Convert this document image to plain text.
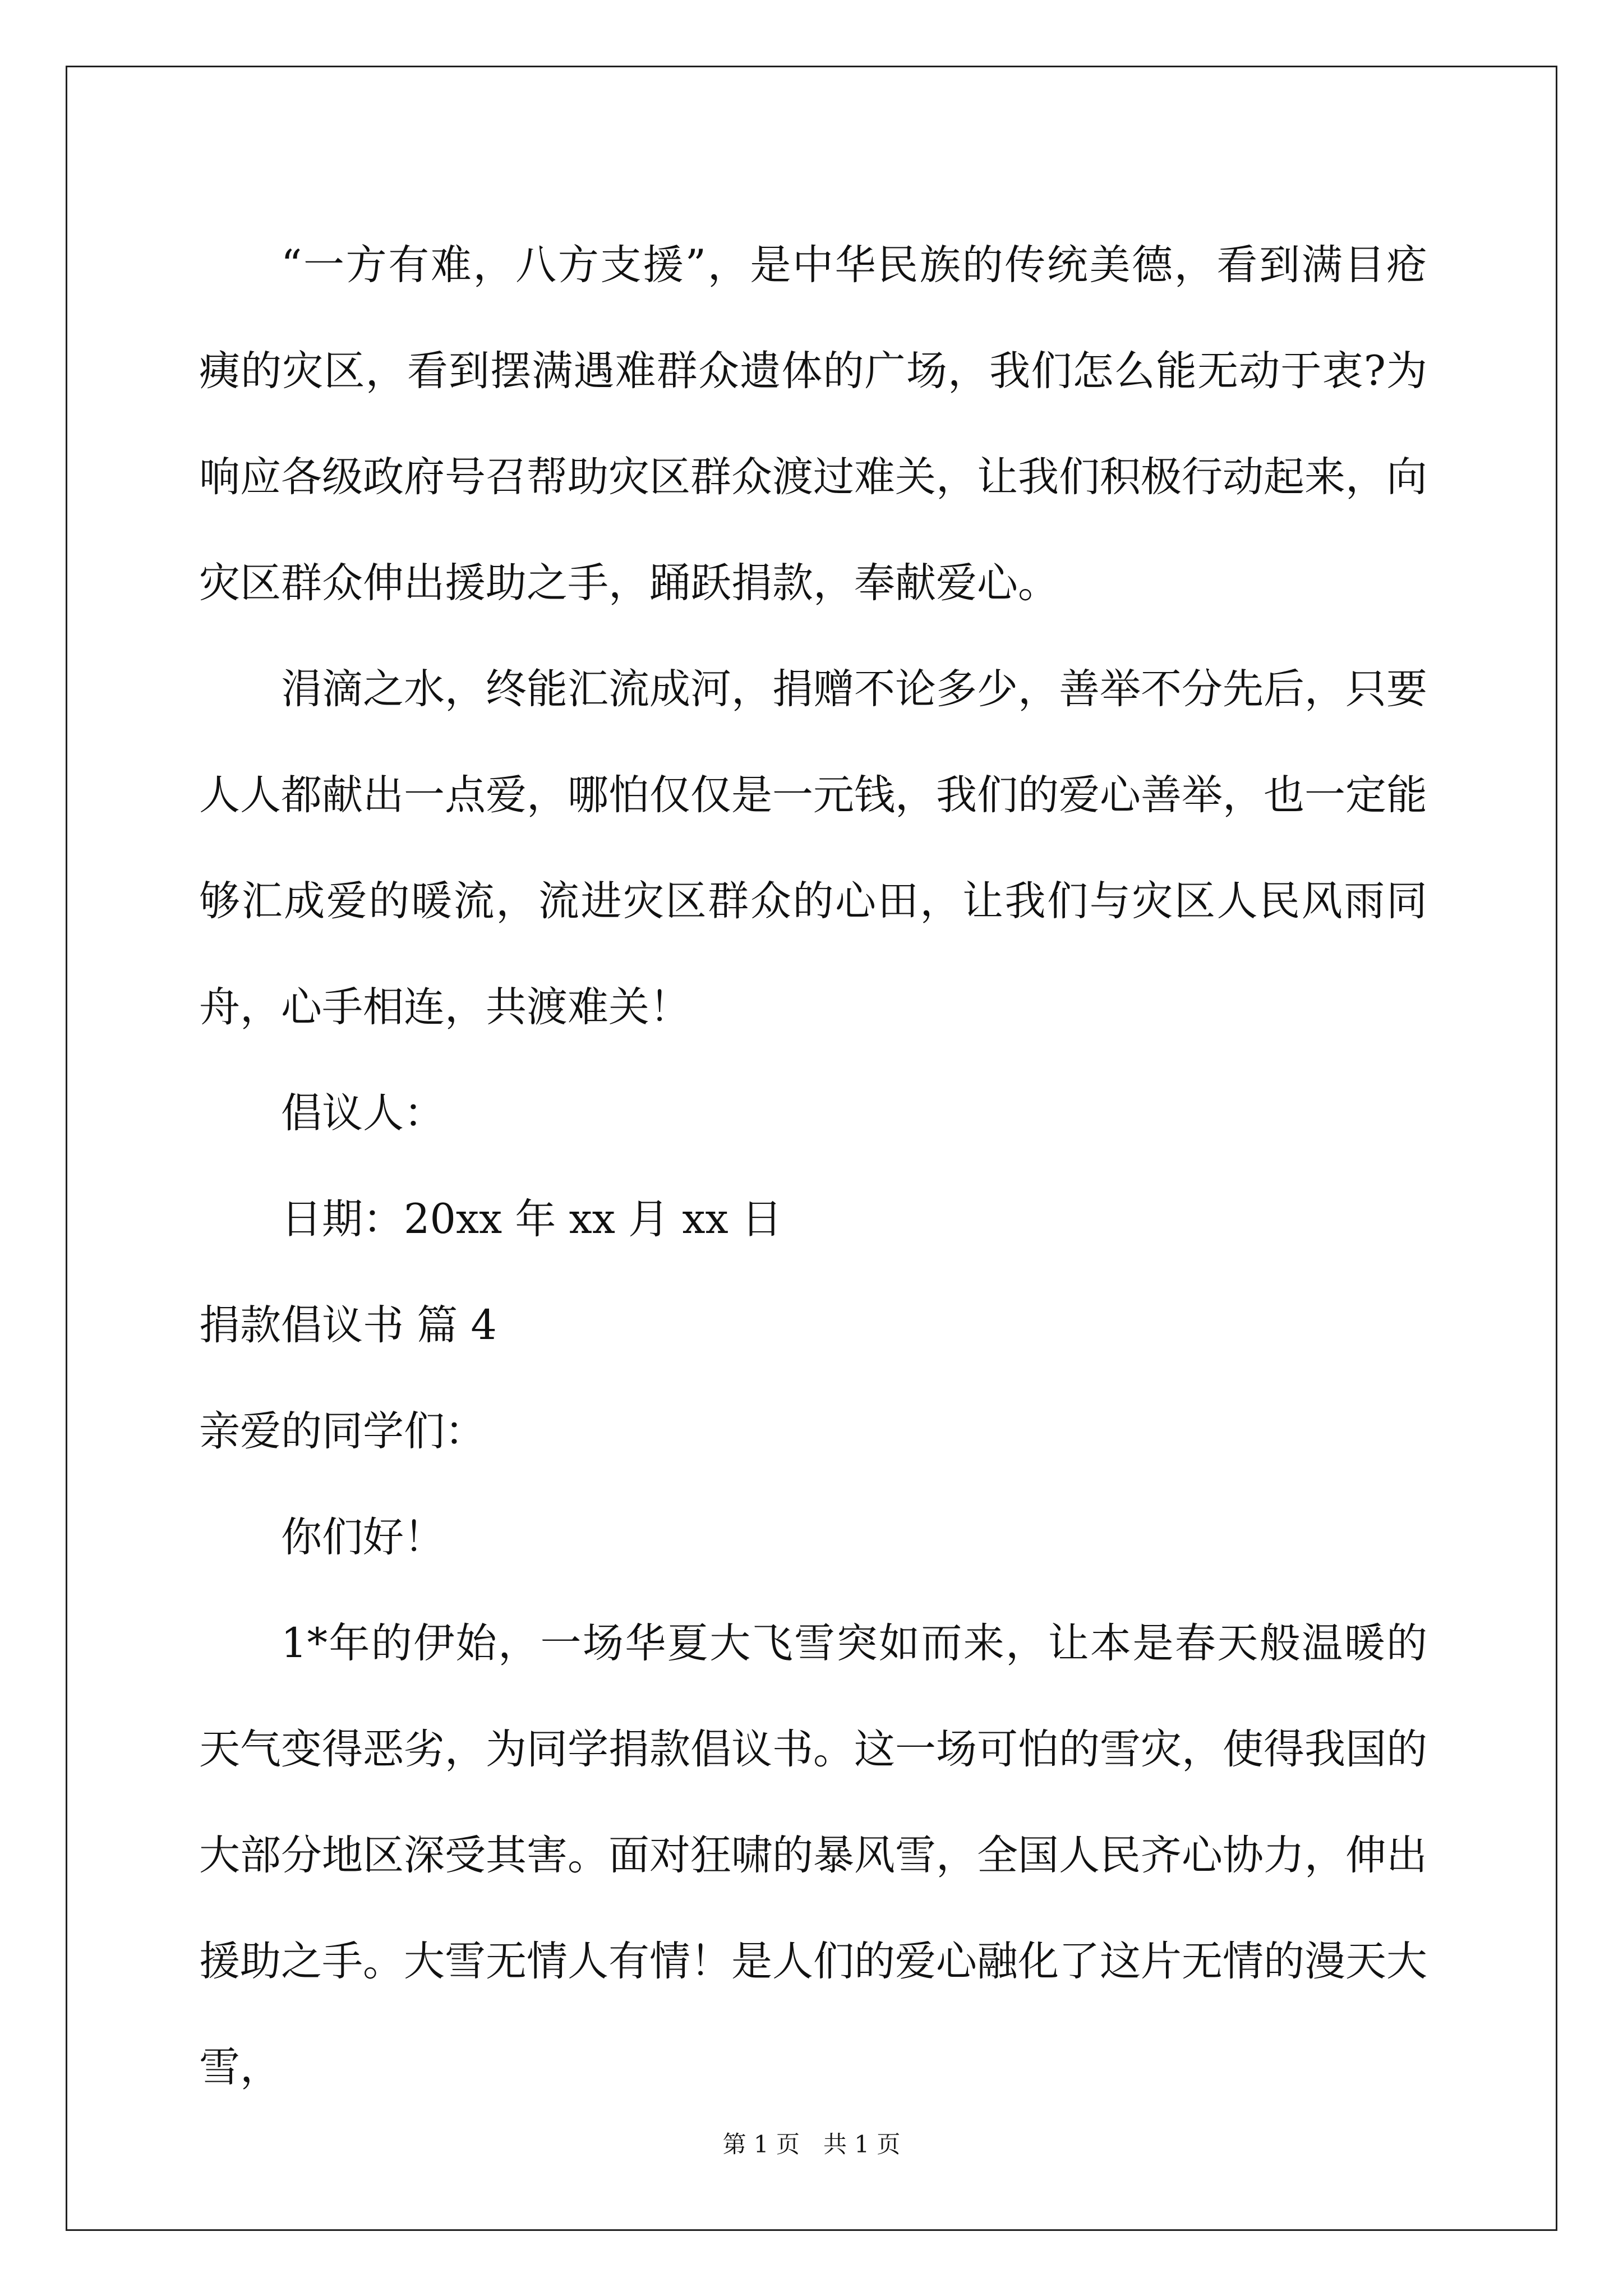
“一方有难，八方支援”，是中华民族的传统美德，看到满目疮痍的灾区，看到摆满遇难群众遗体的广场，我们怎么能无动于衷?为响应各级政府号召帮助灾区群众渡过难关，让我们积极行动起来，向灾区群众伸出援助之手，踊跃捐款，奉献爱心。

涓滴之水，终能汇流成河，捐赠不论多少，善举不分先后，只要人人都献出一点爱，哪怕仅仅是一元钱，我们的爱心善举，也一定能够汇成爱的暖流，流进灾区群众的心田，让我们与灾区人民风雨同舟，心手相连，共渡难关！

倡议人：

日期：20xx 年 xx 月 xx 日

捐款倡议书 篇 4

亲爱的同学们：

你们好！

1*年的伊始，一场华夏大飞雪突如而来，让本是春天般温暖的天气变得恶劣，为同学捐款倡议书。这一场可怕的雪灾，使得我国的大部分地区深受其害。面对狂啸的暴风雪，全国人民齐心协力，伸出援助之手。大雪无情人有情！是人们的爱心融化了这片无情的漫天大雪，

第 1 页 共 1 页
